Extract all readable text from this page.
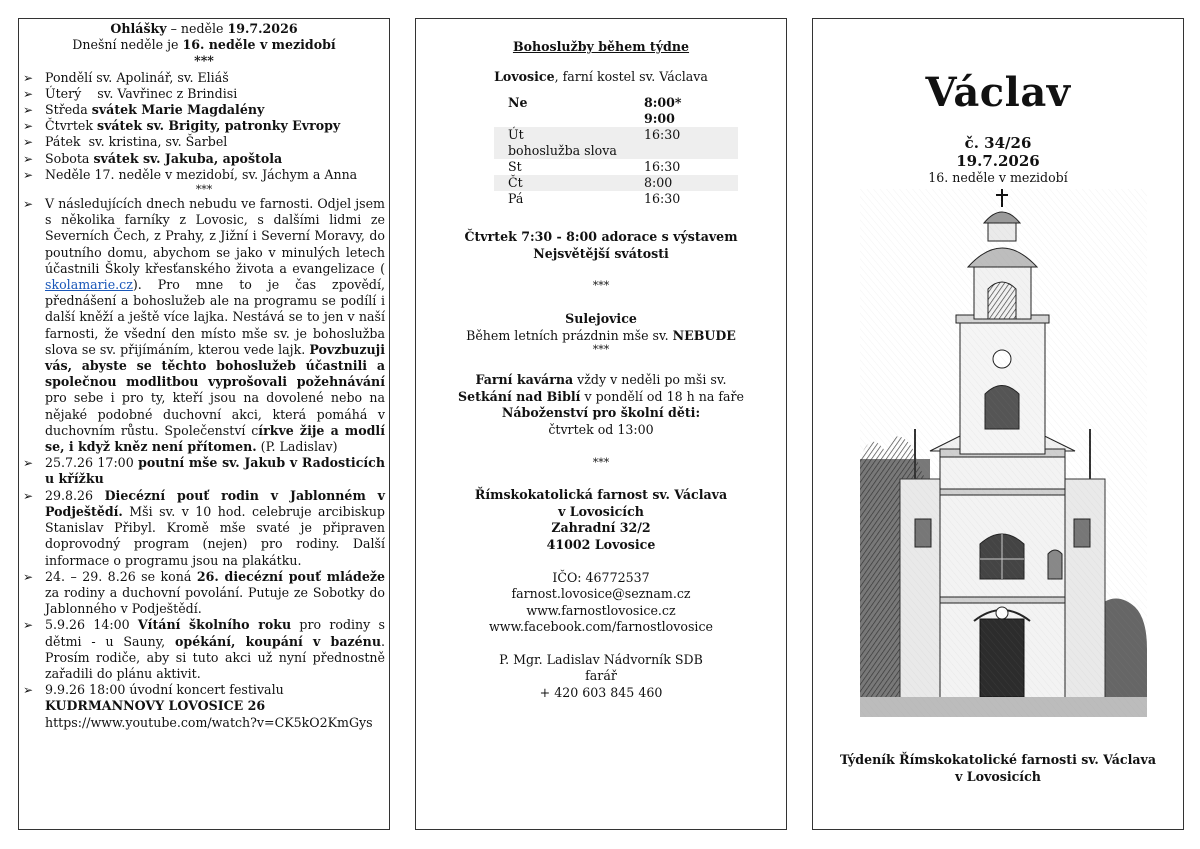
Ohlášky – neděle 19.7.2026
Dnešní neděle je 16. neděle v mezidobí
***
➢ Pondělí sv. Apolinář, sv. Eliáš
➢ Úterý    sv. Vavřinec z Brindisi
➢ Středa svátek Marie Magdalény
➢ Čtvrtek svátek sv. Brigity, patronky Evropy
➢ Pátek  sv. kristina, sv. Šarbel
➢ Sobota svátek sv. Jakuba, apoštola
➢ Neděle 17. neděle v mezidobí, sv. Jáchym a Anna
***
➢ V následujících dnech nebudu ve farnosti. Odjel jsem s několika farníky z Lovosic, s dalšími lidmi ze Severních Čech, z Prahy, z Jižní i Severní Moravy, do poutního domu, abychom se jako v minulých letech účastnili Školy křesťanského života a evangelizace ( skolamarie.cz). Pro mne to je čas zpovědí, přednášení a bohoslužeb ale na programu se podílí i další kněží a ještě více lajka. Nestává se to jen v naší farnosti, že všední den místo mše sv. je bohoslužba slova se sv. přijímáním, kterou vede lajk. Povzbuzuji vás, abyste se těchto bohoslužeb účastnili a společnou modlitbou vyprošovali požehnávání pro sebe i pro ty, kteří jsou na dovolené nebo na nějaké podobné duchovní akci, která pomáhá v duchovním růstu. Společenství církve žije a modlí se, i když kněz není přítomen. (P. Ladislav)
➢ 25.7.26 17:00 poutní mše sv. Jakub v Radosticích u křížku
➢ 29.8.26 Diecézní pouť rodin v Jablonném v Podještědí. Mši sv. v 10 hod. celebruje arcibiskup Stanislav Přibyl. Kromě mše svaté je připraven doprovodný program (nejen) pro rodiny. Další informace o programu jsou na plakátku.
➢ 24. – 29. 8.26 se koná 26. diecézní pouť mládeže za rodiny a duchovní povolání. Putuje ze Sobotky do Jablonného v Podještědí.
➢ 5.9.26 14:00 Vítání školního roku pro rodiny s dětmi - u Sauny, opékání, koupání v bazénu. Prosím rodiče, aby si tuto akci už nyní přednostně zařadili do plánu aktivit.
➢ 9.9.26 18:00 úvodní koncert festivalu
KUDRMANNOVY LOVOSICE 26
https://www.youtube.com/watch?v=CK5kO2KmGys
Bohoslužby během týdne
Lovosice, farní kostel sv. Václava
Ne	8:00*
9:00
Út
bohoslužba slova	16:30
St	16:30
Čt	8:00
Pá	16:30
Čtvrtek 7:30 - 8:00 adorace s výstavem Nejsvětější svátosti
***
Sulejovice
Během letních prázdnin mše sv. NEBUDE
***
Farní kavárna vždy v neděli po mši sv.
Setkání nad Biblí v pondělí od 18 h na faře
Náboženství pro školní děti:
čtvrtek od 13:00
***
Římskokatolická farnost sv. Václava
v Lovosicích
Zahradní 32/2
41002 Lovosice
IČO: 46772537
farnost.lovosice@seznam.cz
www.farnostlovosice.cz
www.facebook.com/farnostlovosice
P. Mgr. Ladislav Nádvorník SDB
farář
+ 420 603 845 460
Václav
č. 34/26
19.7.2026
16. neděle v mezidobí
Týdeník Římskokatolické farnosti sv. Václava
v Lovosicích
